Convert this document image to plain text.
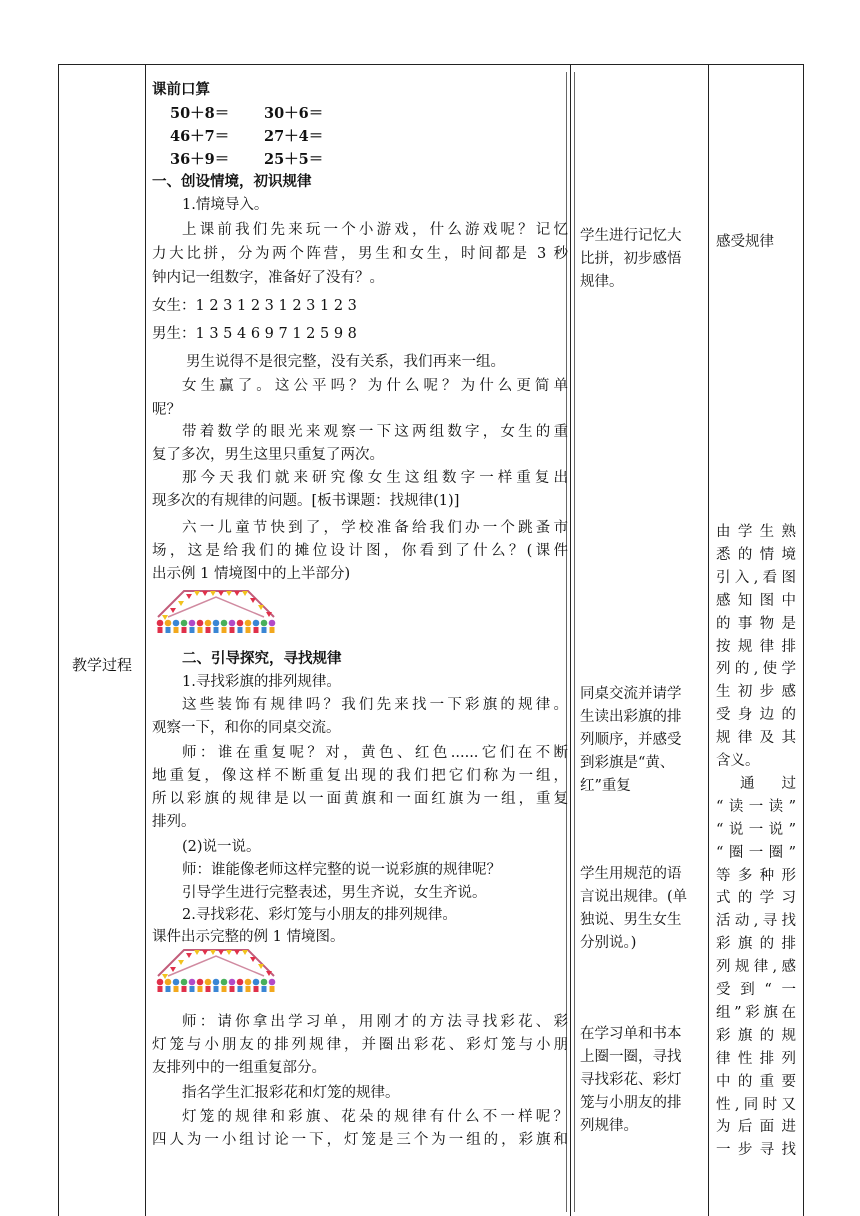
教学过程
课前口算
50＋8＝ 30＋6＝
46＋7＝ 27＋4＝
36＋9＝ 25＋5＝
一、创设情境，初识规律
1.情境导入。
上课前我们先来玩一个小游戏，什么游戏呢？记忆
力大比拼，分为两个阵营，男生和女生，时间都是 3 秒
钟内记一组数字，准备好了没有？。
女生：1 2 3 1 2 3 1 2 3 1 2 3
男生：1 3 5 4 6 9 7 1 2 5 9 8
男生说得不是很完整，没有关系，我们再来一组。
女生赢了。这公平吗？为什么呢？为什么更简单
呢？
带着数学的眼光来观察一下这两组数字，女生的重
复了多次，男生这里只重复了两次。
那今天我们就来研究像女生这组数字一样重复出
现多次的有规律的问题。[板书课题：找规律(1)]
六一儿童节快到了，学校准备给我们办一个跳蚤市
场，这是给我们的摊位设计图，你看到了什么？(课件
出示例 1 情境图中的上半部分)
二、引导探究，寻找规律
1.寻找彩旗的排列规律。
这些装饰有规律吗？我们先来找一下彩旗的规律。
观察一下，和你的同桌交流。
师：谁在重复呢？对，黄色、红色......它们在不断
地重复，像这样不断重复出现的我们把它们称为一组，
所以彩旗的规律是以一面黄旗和一面红旗为一组，重复
排列。
(2)说一说。
师：谁能像老师这样完整的说一说彩旗的规律呢？
引导学生进行完整表述，男生齐说，女生齐说。
2.寻找彩花、彩灯笼与小朋友的排列规律。
课件出示完整的例 1 情境图。
师：请你拿出学习单，用刚才的方法寻找彩花、彩
灯笼与小朋友的排列规律，并圈出彩花、彩灯笼与小朋
友排列中的一组重复部分。
指名学生汇报彩花和灯笼的规律。
灯笼的规律和彩旗、花朵的规律有什么不一样呢？
四人为一小组讨论一下，灯笼是三个为一组的，彩旗和
学生进行记忆大
比拼，初步感悟
规律。
同桌交流并请学
生读出彩旗的排
列顺序，并感受
到彩旗是“黄、
红”重复
学生用规范的语
言说出规律。(单
独说、男生女生
分别说。)
在学习单和书本
上圈一圈，寻找
寻找彩花、彩灯
笼与小朋友的排
列规律。
感受规律
由学生熟
悉的情境
引入,看图
感知图中
的事物是
按规律排
列的,使学
生初步感
受身边的
规律及其
含义。
通 过
“读一读”
“说一说”
“圈一圈”
等多种形
式的学习
活动,寻找
彩旗的排
列规律,感
受到“一
组”彩旗在
彩旗的规
律性排列
中的重要
性,同时又
为后面进
一步寻找
